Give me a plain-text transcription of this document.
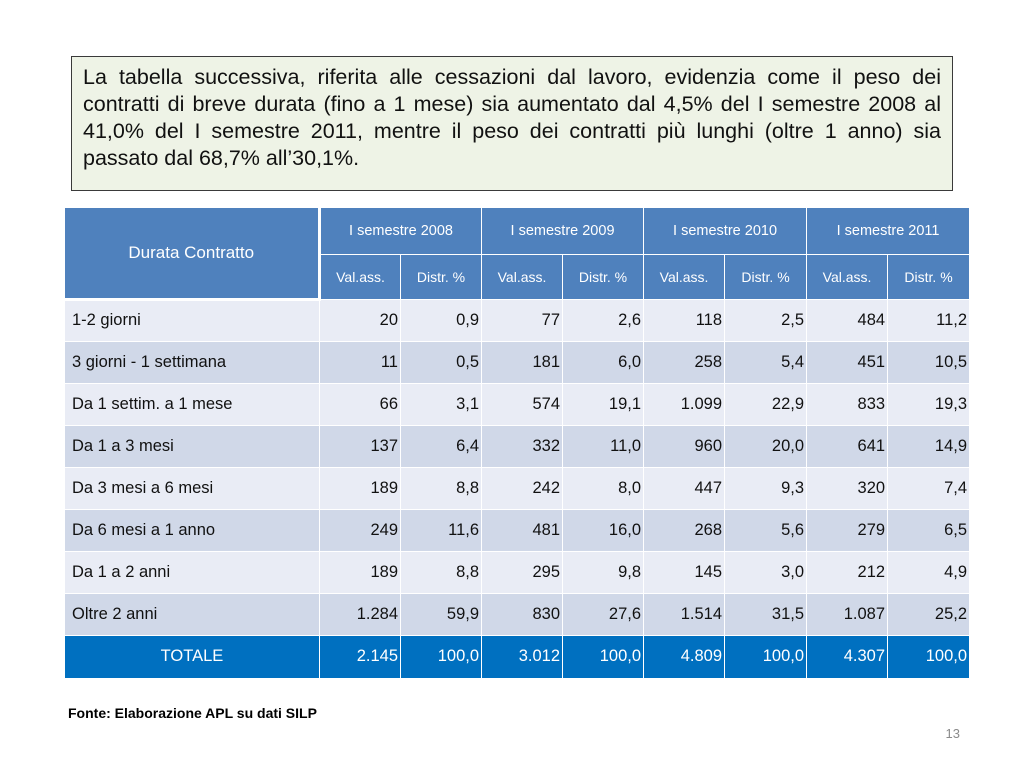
La tabella successiva, riferita alle cessazioni dal lavoro, evidenzia come il peso dei contratti di breve durata (fino a 1 mese) sia aumentato dal 4,5% del I semestre 2008 al 41,0% del I semestre 2011, mentre il peso dei contratti più lunghi (oltre 1 anno) sia passato dal 68,7% all’30,1%.
Durata Contratto	I semestre 2008		I semestre 2009		I semestre 2010		I semestre 2011	
	Val.ass.	Distr. %	Val.ass.	Distr. %	Val.ass.	Distr. %	Val.ass.	Distr. %
1-2 giorni	20	0,9	77	2,6	118	2,5	484	11,2
3 giorni - 1 settimana	11	0,5	181	6,0	258	5,4	451	10,5
Da 1 settim. a 1 mese	66	3,1	574	19,1	1.099	22,9	833	19,3
Da 1 a 3 mesi	137	6,4	332	11,0	960	20,0	641	14,9
Da 3 mesi a 6 mesi	189	8,8	242	8,0	447	9,3	320	7,4
Da 6 mesi a 1 anno	249	11,6	481	16,0	268	5,6	279	6,5
Da 1 a 2 anni	189	8,8	295	9,8	145	3,0	212	4,9
Oltre 2 anni	1.284	59,9	830	27,6	1.514	31,5	1.087	25,2
TOTALE	2.145	100,0	3.012	100,0	4.809	100,0	4.307	100,0
Fonte: Elaborazione APL su dati SILP
13
